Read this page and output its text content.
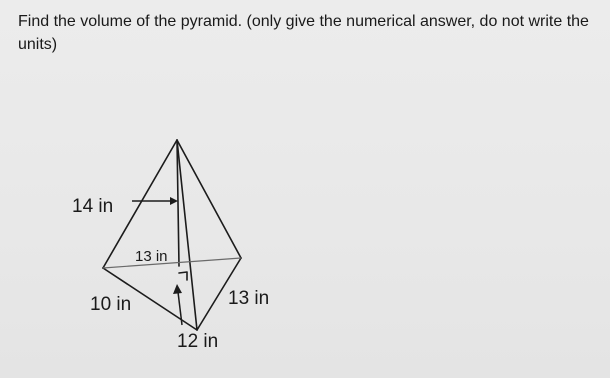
Find the volume of the pyramid. (only give the numerical answer, do not write the units)

14 in
13 in
10 in	13 in
12 in
